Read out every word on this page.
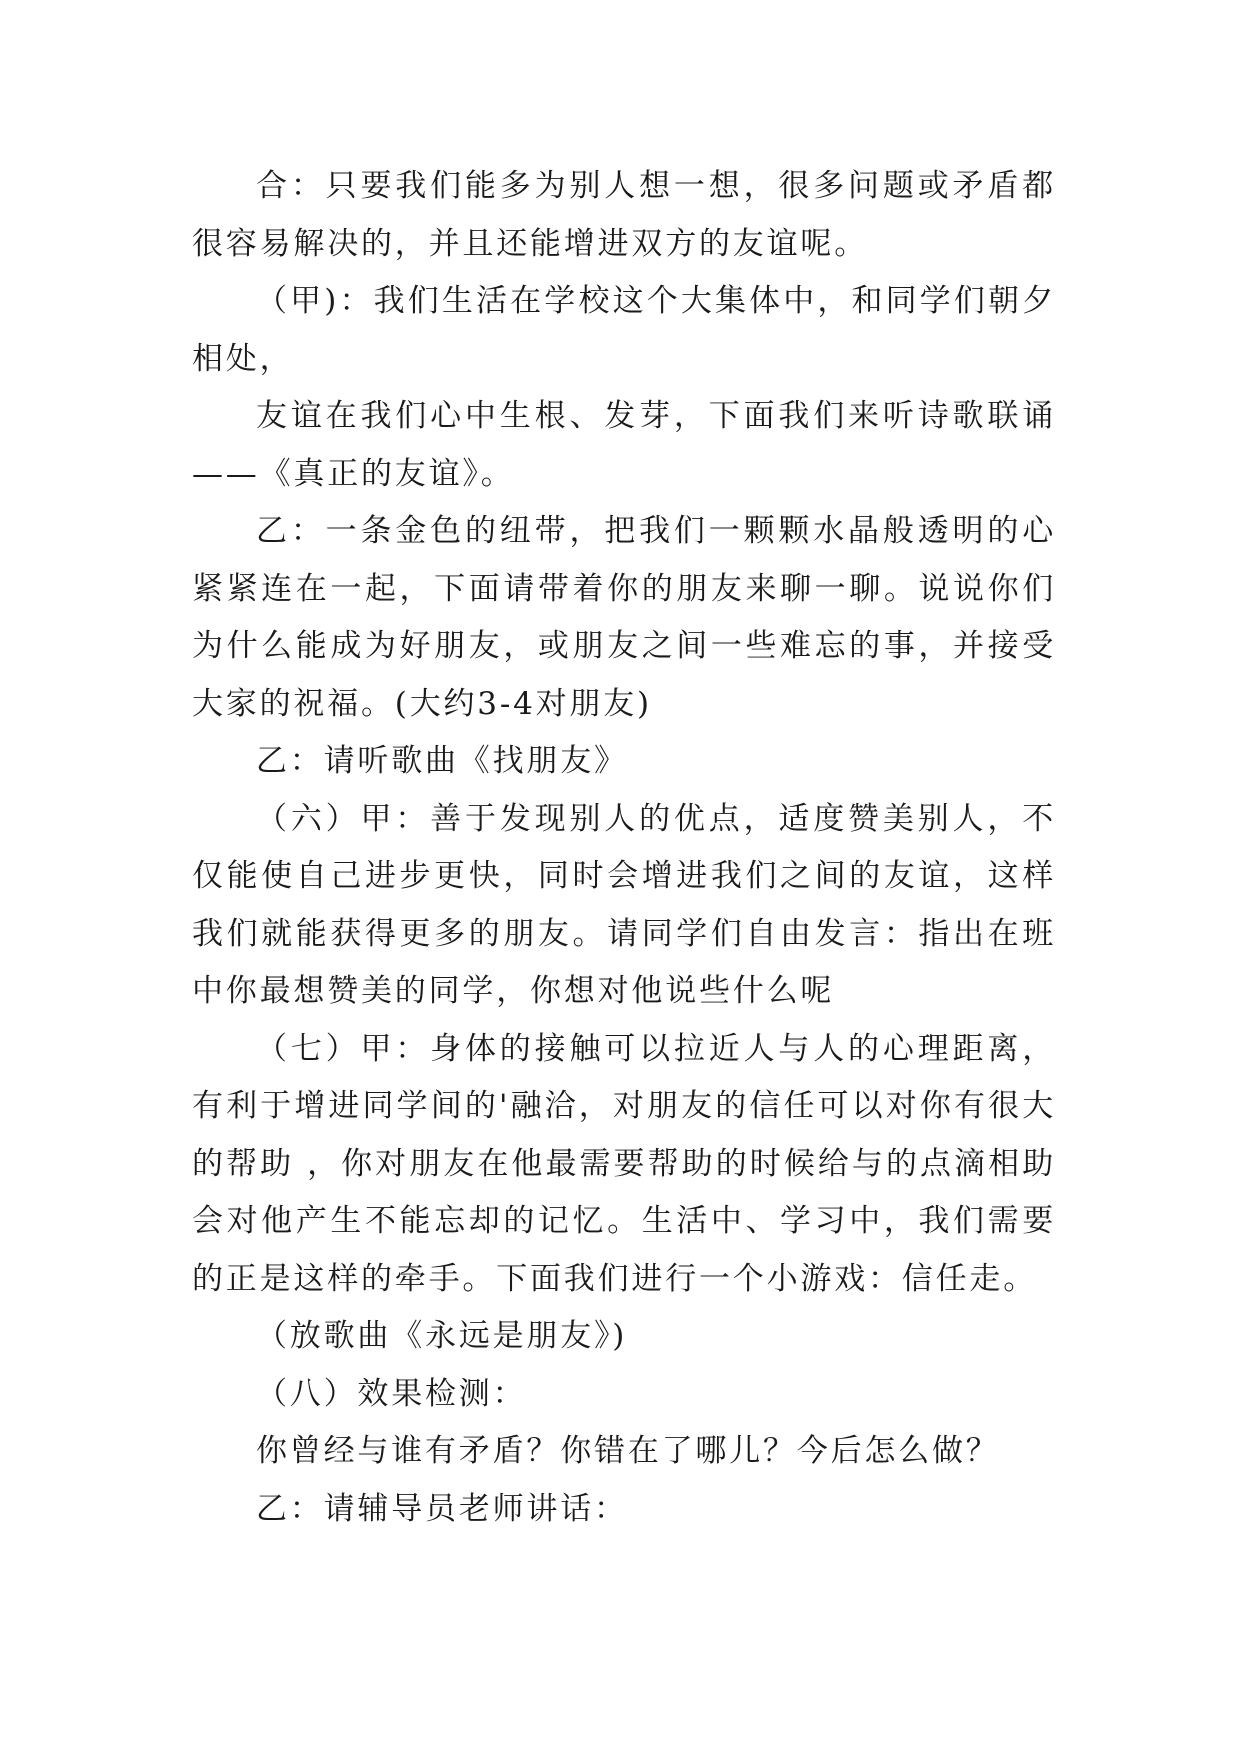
合：只要我们能多为别人想一想，很多问题或矛盾都很容易解决的，并且还能增进双方的友谊呢。

（甲)：我们生活在学校这个大集体中，和同学们朝夕相处，

友谊在我们心中生根、发芽，下面我们来听诗歌联诵——《真正的友谊》。

乙：一条金色的纽带，把我们一颗颗水晶般透明的心紧紧连在一起，下面请带着你的朋友来聊一聊。说说你们为什么能成为好朋友，或朋友之间一些难忘的事，并接受大家的祝福。(大约3-4对朋友)

乙：请听歌曲《找朋友》

（六）甲：善于发现别人的优点，适度赞美别人，不仅能使自己进步更快，同时会增进我们之间的友谊，这样我们就能获得更多的朋友。请同学们自由发言：指出在班中你最想赞美的同学，你想对他说些什么呢

（七）甲：身体的接触可以拉近人与人的心理距离，有利于增进同学间的'融洽，对朋友的信任可以对你有很大的帮助 ，你对朋友在他最需要帮助的时候给与的点滴相助会对他产生不能忘却的记忆。生活中、学习中，我们需要的正是这样的牵手。下面我们进行一个小游戏：信任走。

（放歌曲《永远是朋友》)

（八）效果检测：

你曾经与谁有矛盾？你错在了哪儿？今后怎么做？

乙：请辅导员老师讲话：
